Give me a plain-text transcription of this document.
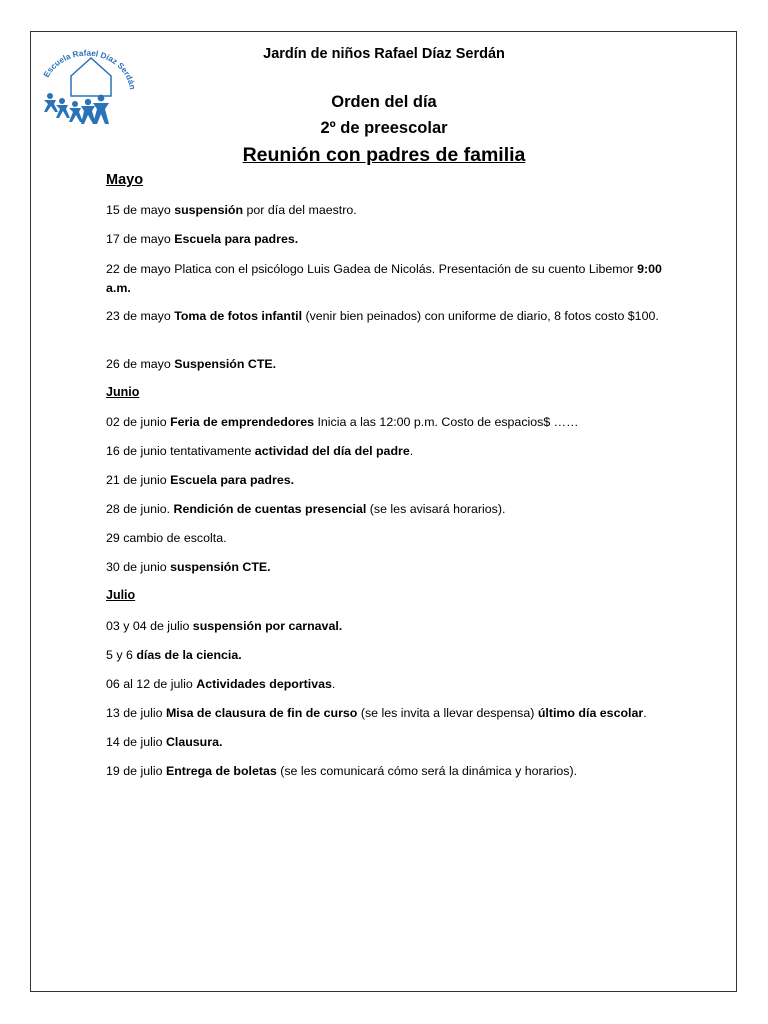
Escuela Rafael Díaz Serdán
Jardín de niños Rafael Díaz Serdán
Orden del día
2º de preescolar
Reunión con padres de familia
Mayo
15 de mayo suspensión por día del maestro.
17 de mayo Escuela para padres.
22 de mayo Platica con el psicólogo Luis Gadea de Nicolás. Presentación de su cuento Libemor 9:00 a.m.
23 de mayo Toma de fotos infantil (venir bien peinados) con uniforme de diario, 8 fotos costo $100.
26 de mayo Suspensión CTE.
Junio
02 de junio Feria de emprendedores Inicia a las 12:00 p.m. Costo de espacios$ ……
16 de junio tentativamente actividad del día del padre.
21 de junio Escuela para padres.
28 de junio. Rendición de cuentas presencial (se les avisará horarios).
29 cambio de escolta.
30 de junio suspensión CTE.
Julio
03 y 04 de julio suspensión por carnaval.
5 y 6 días de la ciencia.
06 al 12 de julio Actividades deportivas.
13 de julio Misa de clausura de fin de curso (se les invita a llevar despensa) último día escolar.
14 de julio Clausura.
19 de julio Entrega de boletas (se les comunicará cómo será la dinámica y horarios).
